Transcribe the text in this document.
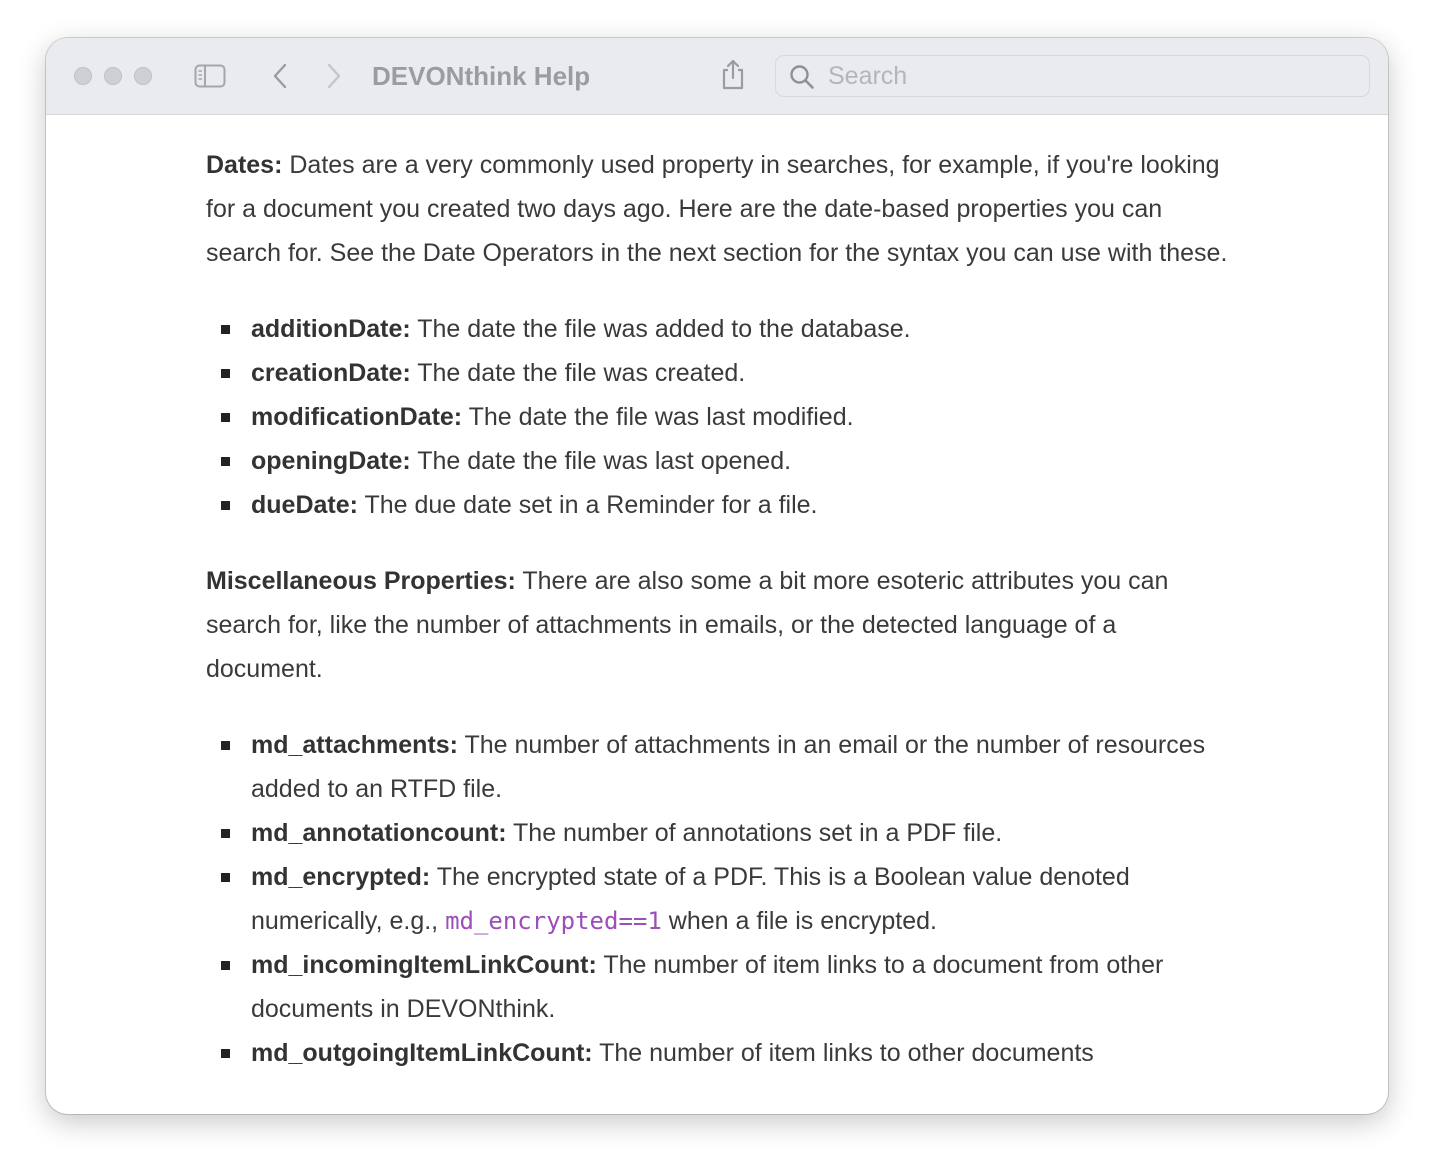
DEVONthink Help
Search

Dates: Dates are a very commonly used property in searches, for example, if you're looking for a document you created two days ago. Here are the date-based properties you can search for. See the Date Operators in the next section for the syntax you can use with these.

additionDate: The date the file was added to the database.
creationDate: The date the file was created.
modificationDate: The date the file was last modified.
openingDate: The date the file was last opened.
dueDate: The due date set in a Reminder for a file.

Miscellaneous Properties: There are also some a bit more esoteric attributes you can search for, like the number of attachments in emails, or the detected language of a document.

md_attachments: The number of attachments in an email or the number of resources added to an RTFD file.
md_annotationcount: The number of annotations set in a PDF file.
md_encrypted: The encrypted state of a PDF. This is a Boolean value denoted numerically, e.g., md_encrypted==1 when a file is encrypted.
md_incomingItemLinkCount: The number of item links to a document from other documents in DEVONthink.
md_outgoingItemLinkCount: The number of item links to other documents
